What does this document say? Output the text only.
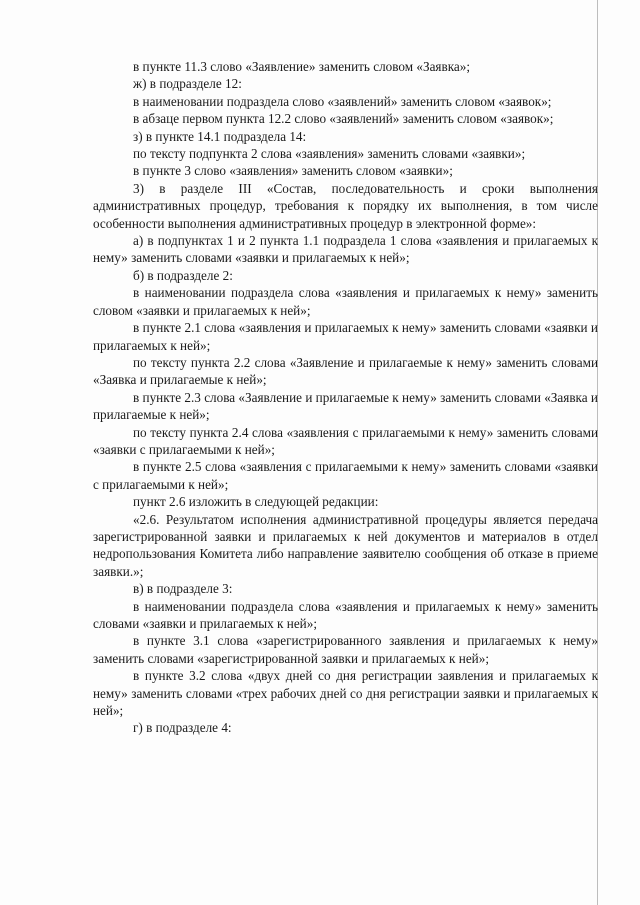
в пункте 11.3 слово «Заявление» заменить словом «Заявка»;

ж) в подразделе 12:

в наименовании подраздела слово «заявлений» заменить словом «заявок»;

в абзаце первом пункта 12.2 слово «заявлений» заменить словом «заявок»;

з) в пункте 14.1 подраздела 14:

по тексту подпункта 2 слова «заявления» заменить словами «заявки»;

в пункте 3 слово «заявления» заменить словом «заявки»;

3) в разделе III «Состав, последовательность и сроки выполнения административных процедур, требования к порядку их выполнения, в том числе особенности выполнения административных процедур в электронной форме»:

а) в подпунктах 1 и 2 пункта 1.1 подраздела 1 слова «заявления и прилагаемых к нему» заменить словами «заявки и прилагаемых к ней»;

б) в подразделе 2:

в наименовании подраздела слова «заявления и прилагаемых к нему» заменить словом «заявки и прилагаемых к ней»;

в пункте 2.1 слова «заявления и прилагаемых к нему» заменить словами «заявки и прилагаемых к ней»;

по тексту пункта 2.2 слова «Заявление и прилагаемые к нему» заменить словами «Заявка и прилагаемые к ней»;

в пункте 2.3 слова «Заявление и прилагаемые к нему» заменить словами «Заявка и прилагаемые к ней»;

по тексту пункта 2.4 слова «заявления с прилагаемыми к нему» заменить словами «заявки с прилагаемыми к ней»;

в пункте 2.5 слова «заявления с прилагаемыми к нему» заменить словами «заявки с прилагаемыми к ней»;

пункт 2.6 изложить в следующей редакции:

«2.6. Результатом исполнения административной процедуры является передача зарегистрированной заявки и прилагаемых к ней документов и материалов в отдел недропользования Комитета либо направление заявителю сообщения об отказе в приеме заявки.»;

в) в подразделе 3:

в наименовании подраздела слова «заявления и прилагаемых к нему» заменить словами «заявки и прилагаемых к ней»;

в пункте 3.1 слова «зарегистрированного заявления и прилагаемых к нему» заменить словами «зарегистрированной заявки и прилагаемых к ней»;

в пункте 3.2 слова «двух дней со дня регистрации заявления и прилагаемых к нему» заменить словами «трех рабочих дней со дня регистрации заявки и прилагаемых к ней»;

г) в подразделе 4:
